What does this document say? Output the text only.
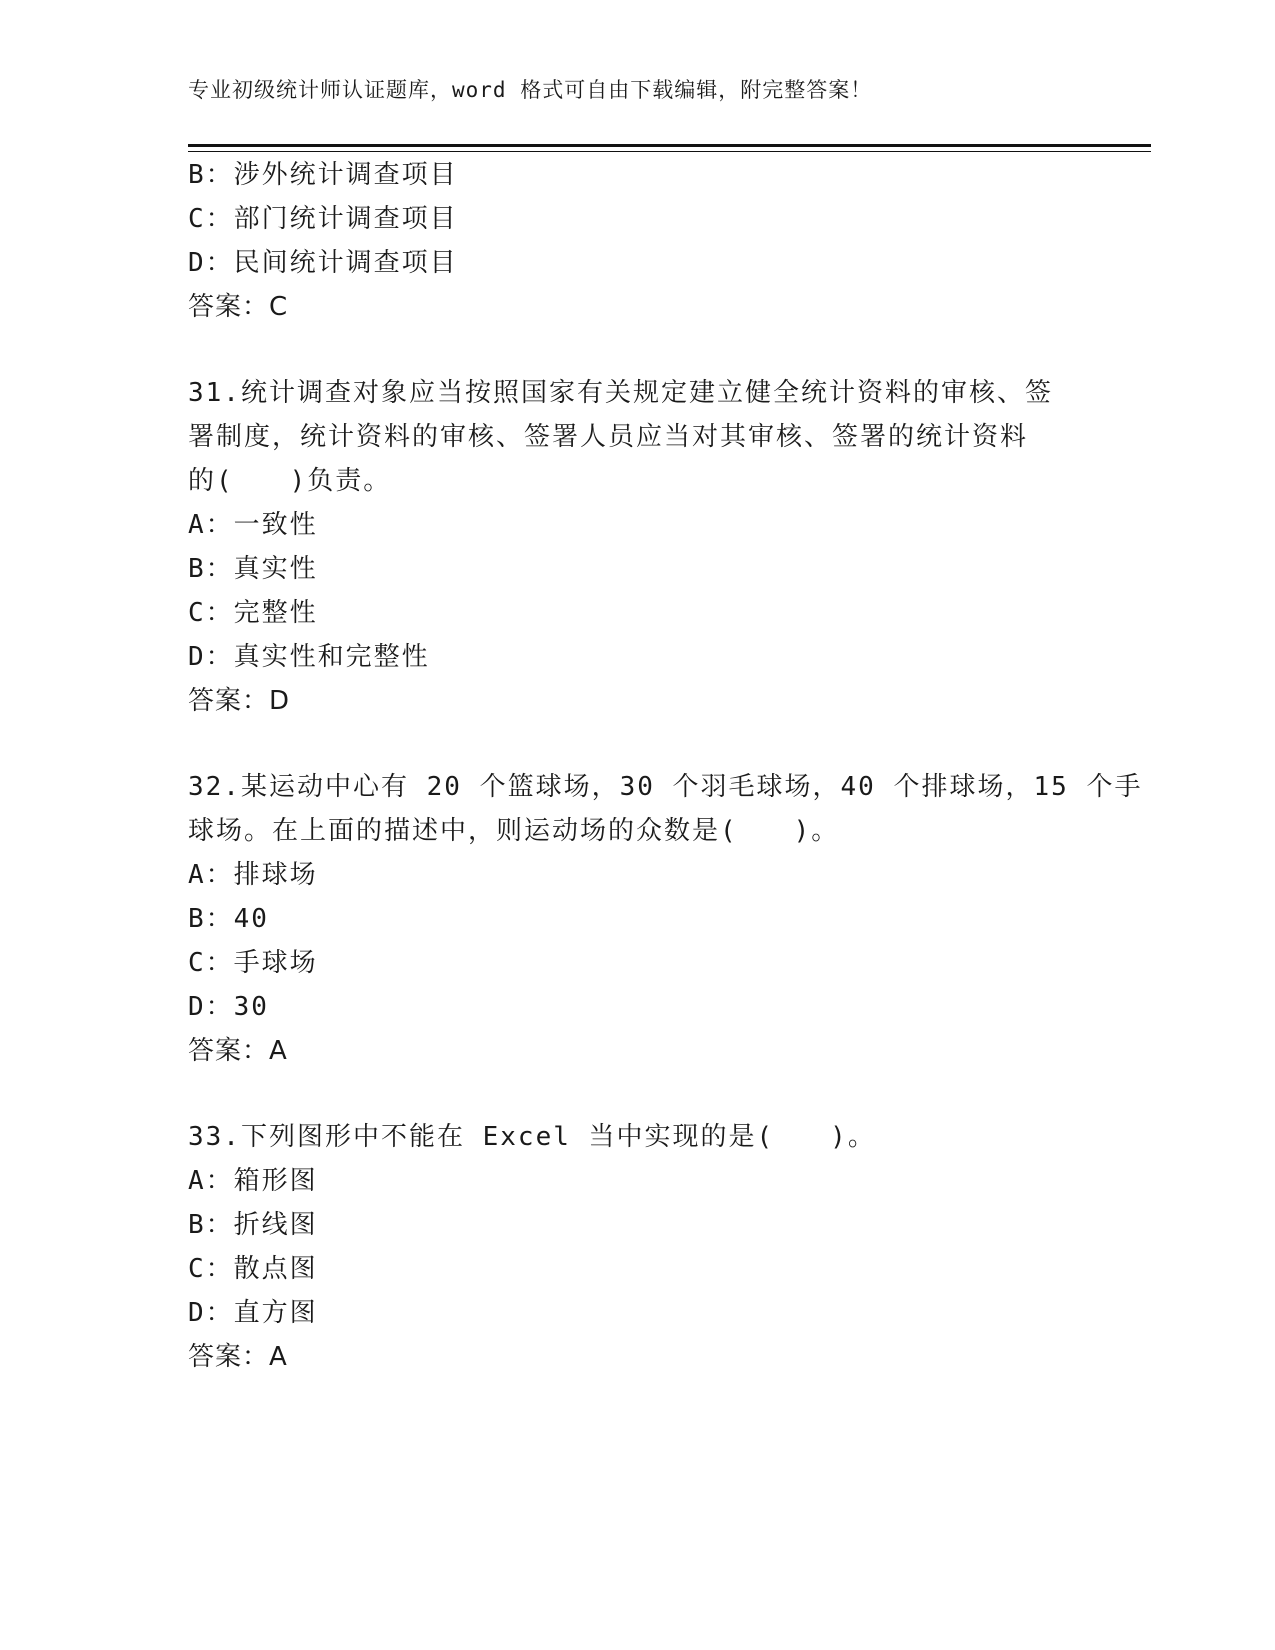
专业初级统计师认证题库，word 格式可自由下载编辑，附完整答案！
B：涉外统计调查项目
C：部门统计调查项目
D：民间统计调查项目
答案：C
31.统计调查对象应当按照国家有关规定建立健全统计资料的审核、签
署制度，统计资料的审核、签署人员应当对其审核、签署的统计资料
的(　　)负责。
A：一致性
B：真实性
C：完整性
D：真实性和完整性
答案：D
32.某运动中心有 20 个篮球场，30 个羽毛球场，40 个排球场，15 个手
球场。在上面的描述中，则运动场的众数是(　　)。
A：排球场
B：40
C：手球场
D：30
答案：A
33.下列图形中不能在 Excel 当中实现的是(　　)。
A：箱形图
B：折线图
C：散点图
D：直方图
答案：A
